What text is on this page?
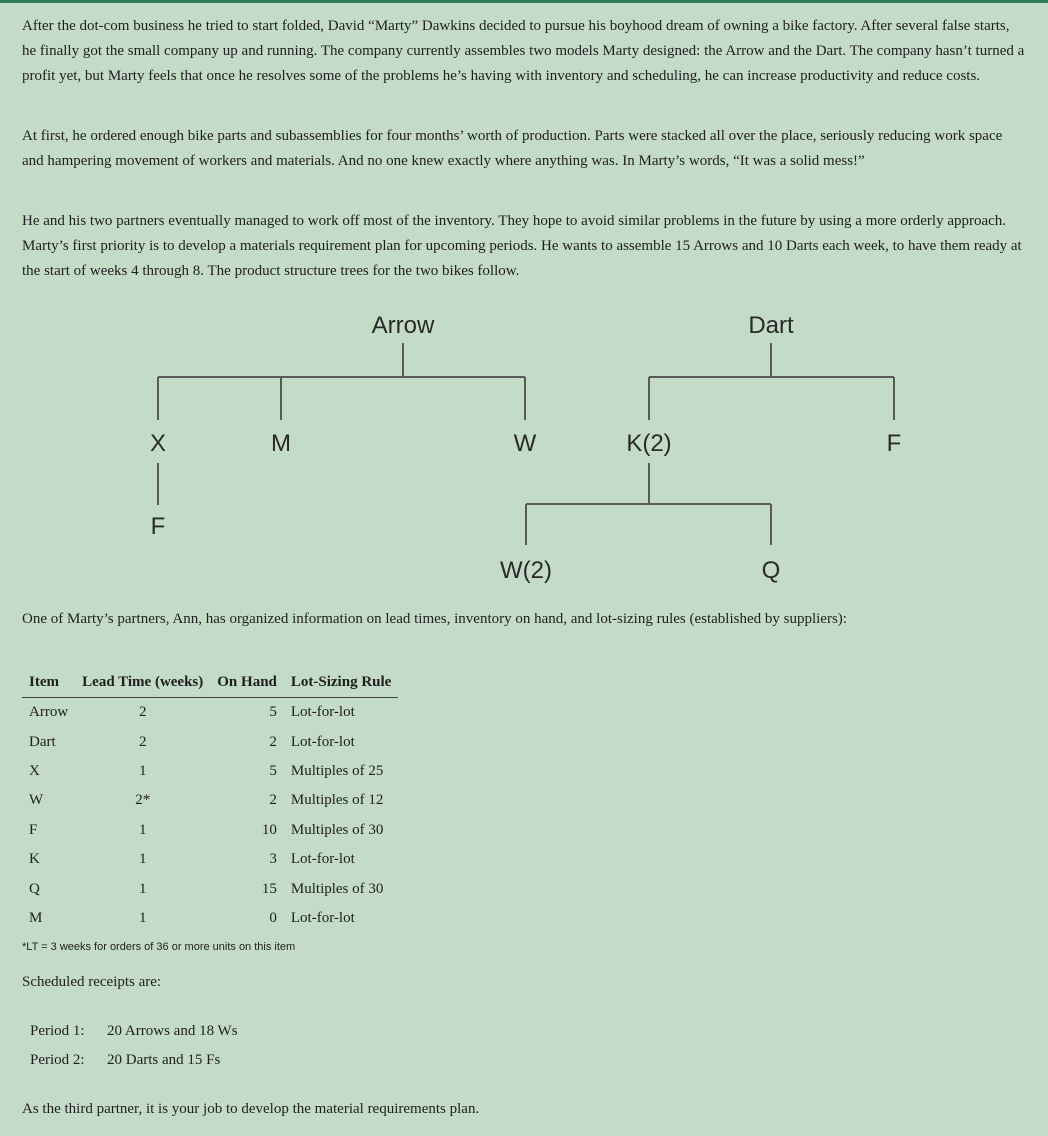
After the dot-com business he tried to start folded, David “Marty” Dawkins decided to pursue his boyhood dream of owning a bike factory. After several false starts, he finally got the small company up and running. The company currently assembles two models Marty designed: the Arrow and the Dart. The company hasn’t turned a profit yet, but Marty feels that once he resolves some of the problems he’s having with inventory and scheduling, he can increase productivity and reduce costs.

At first, he ordered enough bike parts and subassemblies for four months’ worth of production. Parts were stacked all over the place, seriously reducing work space and hampering movement of workers and materials. And no one knew exactly where anything was. In Marty’s words, “It was a solid mess!”

He and his two partners eventually managed to work off most of the inventory. They hope to avoid similar problems in the future by using a more orderly approach. Marty’s first priority is to develop a materials requirement plan for upcoming periods. He wants to assemble 15 Arrows and 10 Darts each week, to have them ready at the start of weeks 4 through 8. The product structure trees for the two bikes follow.

Arrow
X	M	W
F
Dart
K(2)	F
W(2)	Q

One of Marty’s partners, Ann, has organized information on lead times, inventory on hand, and lot-sizing rules (established by suppliers):

Item	Lead Time (weeks)	On Hand	Lot-Sizing Rule
Arrow	2	5	Lot-for-lot
Dart	2	2	Lot-for-lot
X	1	5	Multiples of 25
W	2*	2	Multiples of 12
F	1	10	Multiples of 30
K	1	3	Lot-for-lot
Q	1	15	Multiples of 30
M	1	0	Lot-for-lot
*LT = 3 weeks for orders of 36 or more units on this item

Scheduled receipts are:

Period 1: 20 Arrows and 18 Ws

Period 2: 20 Darts and 15 Fs

As the third partner, it is your job to develop the material requirements plan.
